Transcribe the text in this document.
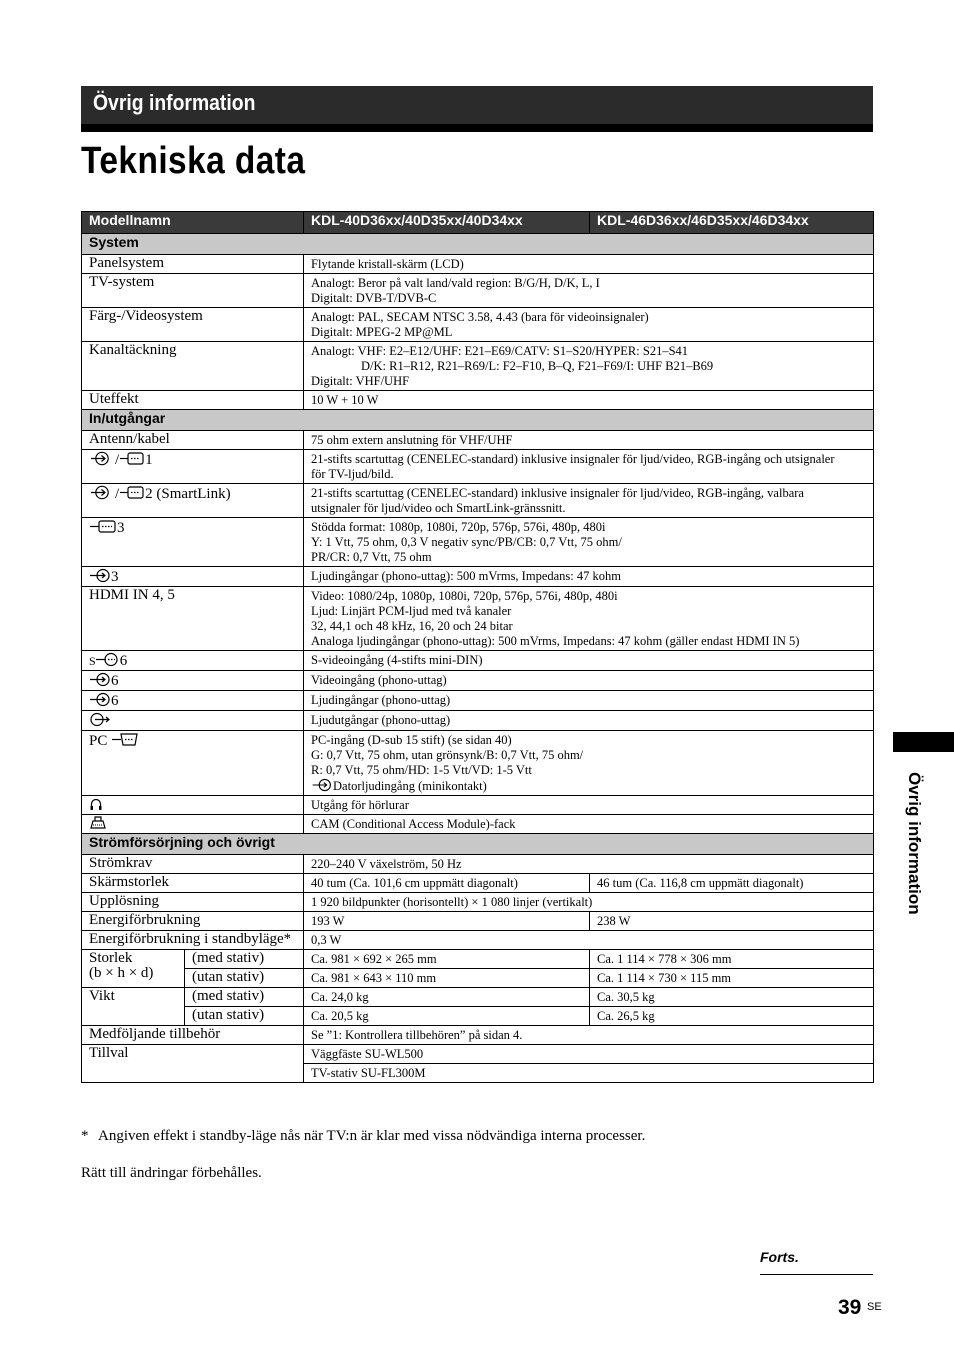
Övrig information
Tekniska data
Modellnamn		KDL-40D36xx/40D35xx/40D34xx	KDL-46D36xx/46D35xx/46D34xx
System			
Panelsystem		Flytande kristall-skärm (LCD)	
TV-system		Analogt: Beror på valt land/vald region: B/G/H, D/K, L, I
Digitalt: DVB-T/DVB-C	

Färg-/Videosystem		Analogt: PAL, SECAM NTSC 3.58, 4.43 (bara för videoinsignaler)
Digitalt: MPEG-2 MP@ML	

Kanaltäckning		Analogt: VHF: E2–E12/UHF: E21–E69/CATV: S1–S20/HYPER: S21–S41
D/K: R1–R12, R21–R69/L: F2–F10, B–Q, F21–F69/I: UHF B21–B69
Digitalt: VHF/UHF	

Uteffekt		10 W + 10 W	
In/utgångar			
Antenn/kabel		75 ohm extern anslutning för VHF/UHF	
/ 1		21-stifts scartuttag (CENELEC-standard) inklusive insignaler för ljud/video, RGB-ingång och utsignaler
för TV-ljud/bild.	

/ 2 (SmartLink)		21-stifts scartuttag (CENELEC-standard) inklusive insignaler för ljud/video, RGB-ingång, valbara
utsignaler för ljud/video och SmartLink-gränssnitt.	

3		Stödda format: 1080p, 1080i, 720p, 576p, 576i, 480p, 480i
Y: 1 Vtt, 75 ohm, 0,3 V negativ sync/PB/CB: 0,7 Vtt, 75 ohm/
PR/CR: 0,7 Vtt, 75 ohm	

3		Ljudingångar (phono-uttag): 500 mVrms, Impedans: 47 kohm	
HDMI IN 4, 5		Video: 1080/24p, 1080p, 1080i, 720p, 576p, 576i, 480p, 480i
Ljud: Linjärt PCM-ljud med två kanaler
32, 44,1 och 48 kHz, 16, 20 och 24 bitar
Analoga ljudingångar (phono-uttag): 500 mVrms, Impedans: 47 kohm (gäller endast HDMI IN 5)	

S 6		S-videoingång (4-stifts mini-DIN)	
6		Videoingång (phono-uttag)	
6		Ljudingångar (phono-uttag)	
	Ljudutgångar (phono-uttag)	
PC		PC-ingång (D-sub 15 stift) (se sidan 40)
G: 0,7 Vtt, 75 ohm, utan grönsynk/B: 0,7 Vtt, 75 ohm/
R: 0,7 Vtt, 75 ohm/HD: 1-5 Vtt/VD: 1-5 Vtt
Datorljudingång (minikontakt)	

	Utgång för hörlurar	
	CAM (Conditional Access Module)-fack	
Strömförsörjning och övrigt			
Strömkrav		220–240 V växelström, 50 Hz	
Skärmstorlek		40 tum (Ca. 101,6 cm uppmätt diagonalt)	46 tum (Ca. 116,8 cm uppmätt diagonalt)
Upplösning		1 920 bildpunkter (horisontellt) × 1 080 linjer (vertikalt)	
Energiförbrukning		193 W	238 W
Energiförbrukning i standbyläge*		0,3 W	

Storlek
(b × h × d)	(med stativ)	Ca. 981 × 692 × 265 mm	Ca. 1 114 × 778 × 306 mm
	(utan stativ)	Ca. 981 × 643 × 110 mm	Ca. 1 114 × 730 × 115 mm
Vikt	(med stativ)	Ca. 24,0 kg	Ca. 30,5 kg
	(utan stativ)	Ca. 20,5 kg	Ca. 26,5 kg
Medföljande tillbehör		Se ”1: Kontrollera tillbehören” på sidan 4.	
Tillval		Väggfäste SU-WL500	
		TV-stativ SU-FL300M	
* Angiven effekt i standby-läge nås när TV:n är klar med vissa nödvändiga interna processer.
Rätt till ändringar förbehålles.
Forts.
39 SE
Övrig information
